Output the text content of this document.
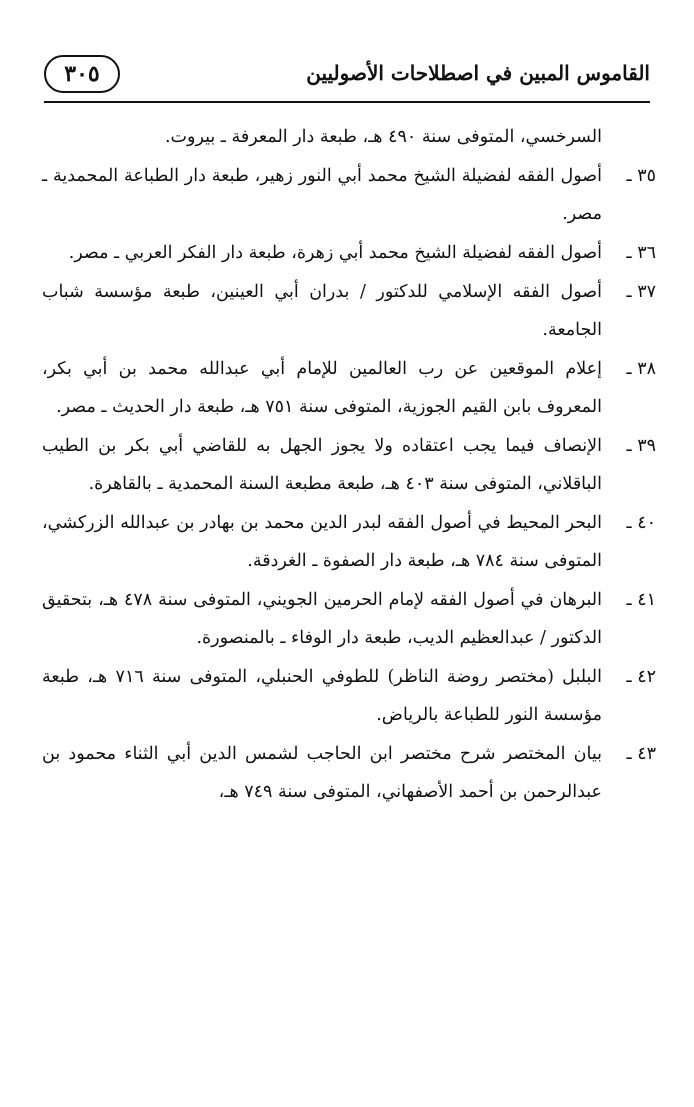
القاموس المبين في اصطلاحات الأصوليين
٣٠٥
السرخسي، المتوفى سنة ٤٩٠ هـ، طبعة دار المعرفة ـ بيروت.
٣٥ ـ
أصول الفقه لفضيلة الشيخ محمد أبي النور زهير، طبعة دار الطباعة المحمدية ـ مصر.
٣٦ ـ
أصول الفقه لفضيلة الشيخ محمد أبي زهرة، طبعة دار الفكر العربي ـ مصر.
٣٧ ـ
أصول الفقه الإسلامي للدكتور / بدران أبي العينين، طبعة مؤسسة شباب الجامعة.
٣٨ ـ
إعلام الموقعين عن رب العالمين للإمام أبي عبدالله محمد بن أبي بكر، المعروف بابن القيم الجوزية، المتوفى سنة ٧٥١ هـ، طبعة دار الحديث ـ مصر.
٣٩ ـ
الإنصاف فيما يجب اعتقاده ولا يجوز الجهل به للقاضي أبي بكر بن الطيب الباقلاني، المتوفى سنة ٤٠٣ هـ، طبعة مطبعة السنة المحمدية ـ بالقاهرة.
٤٠ ـ
البحر المحيط في أصول الفقه لبدر الدين محمد بن بهادر بن عبدالله الزركشي، المتوفى سنة ٧٨٤ هـ، طبعة دار الصفوة ـ الغردقة.
٤١ ـ
البرهان في أصول الفقه لإمام الحرمين الجويني، المتوفى سنة ٤٧٨ هـ، بتحقيق الدكتور / عبدالعظيم الديب، طبعة دار الوفاء ـ بالمنصورة.
٤٢ ـ
البلبل (مختصر روضة الناظر) للطوفي الحنبلي، المتوفى سنة ٧١٦ هـ، طبعة مؤسسة النور للطباعة بالرياض.
٤٣ ـ
بيان المختصر شرح مختصر ابن الحاجب لشمس الدين أبي الثناء محمود بن عبدالرحمن بن أحمد الأصفهاني، المتوفى سنة ٧٤٩ هـ،
